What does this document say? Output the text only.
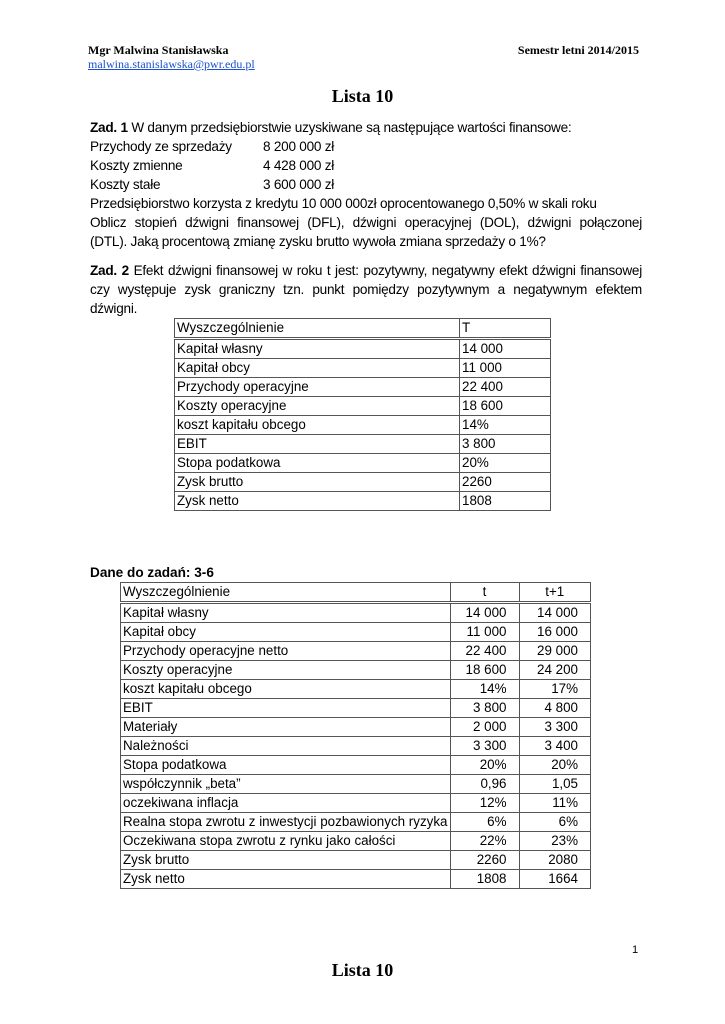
Mgr Malwina Stanisławska	Semestr letni 2014/2015
malwina.stanislawska@pwr.edu.pl
Lista 10
Zad. 1 W danym przedsiębiorstwie uzyskiwane są następujące wartości finansowe:
Przychody ze sprzedaży 8 200 000 zł
Koszty zmienne	4 428 000 zł
Koszty stałe	3 600 000 zł
Przedsiębiorstwo korzysta z kredytu 10 000 000zł oprocentowanego 0,50% w skali roku
Oblicz stopień dźwigni finansowej (DFL), dźwigni operacyjnej (DOL), dźwigni połączonej
(DTL). Jaką procentową zmianę zysku brutto wywoła zmiana sprzedaży o 1%?
Zad. 2 Efekt dźwigni finansowej w roku t jest: pozytywny, negatywny efekt dźwigni finansowej
czy występuje zysk graniczny tzn. punkt pomiędzy pozytywnym a negatywnym efektem
dźwigni.
Wyszczególnienie	T
Kapitał własny	14 000
Kapitał obcy	11 000
Przychody operacyjne	22 400
Koszty operacyjne	18 600
koszt kapitału obcego	14%
EBIT	3 800
Stopa podatkowa	20%
Zysk brutto	2260
Zysk netto	1808
Dane do zadań: 3-6
Wyszczególnienie	t	t+1
Kapitał własny	14 000	14 000
Kapitał obcy	11 000	16 000
Przychody operacyjne netto	22 400	29 000
Koszty operacyjne	18 600	24 200
koszt kapitału obcego	14%	17%
EBIT	3 800	4 800
Materiały	2 000	3 300
Należności	3 300	3 400
Stopa podatkowa	20%	20%
współczynnik „beta”	0,96	1,05
oczekiwana inflacja	12%	11%
Realna stopa zwrotu z inwestycji pozbawionych ryzyka	6%	6%
Oczekiwana stopa zwrotu z rynku jako całości	22%	23%
Zysk brutto	2260	2080
Zysk netto	1808	1664
1
Lista 10
